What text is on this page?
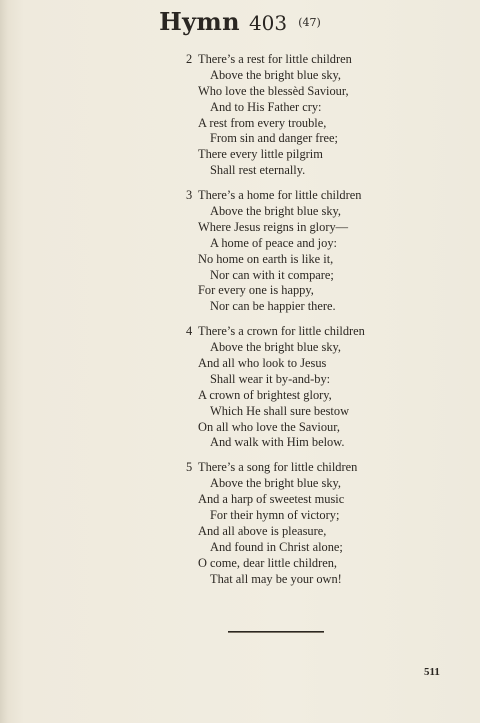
Hymn 403 $^{(47)}$
2 There’s a rest for little children
Above the bright blue sky,
Who love the blessèd Saviour,
And to His Father cry:
A rest from every trouble,
From sin and danger free;
There every little pilgrim
Shall rest eternally.
3 There’s a home for little children
Above the bright blue sky,
Where Jesus reigns in glory—
A home of peace and joy:
No home on earth is like it,
Nor can with it compare;
For every one is happy,
Nor can be happier there.
4 There’s a crown for little children
Above the bright blue sky,
And all who look to Jesus
Shall wear it by-and-by:
A crown of brightest glory,
Which He shall sure bestow
On all who love the Saviour,
And walk with Him below.
5 There’s a song for little children
Above the bright blue sky,
And a harp of sweetest music
For their hymn of victory;
And all above is pleasure,
And found in Christ alone;
O come, dear little children,
That all may be your own!
511
